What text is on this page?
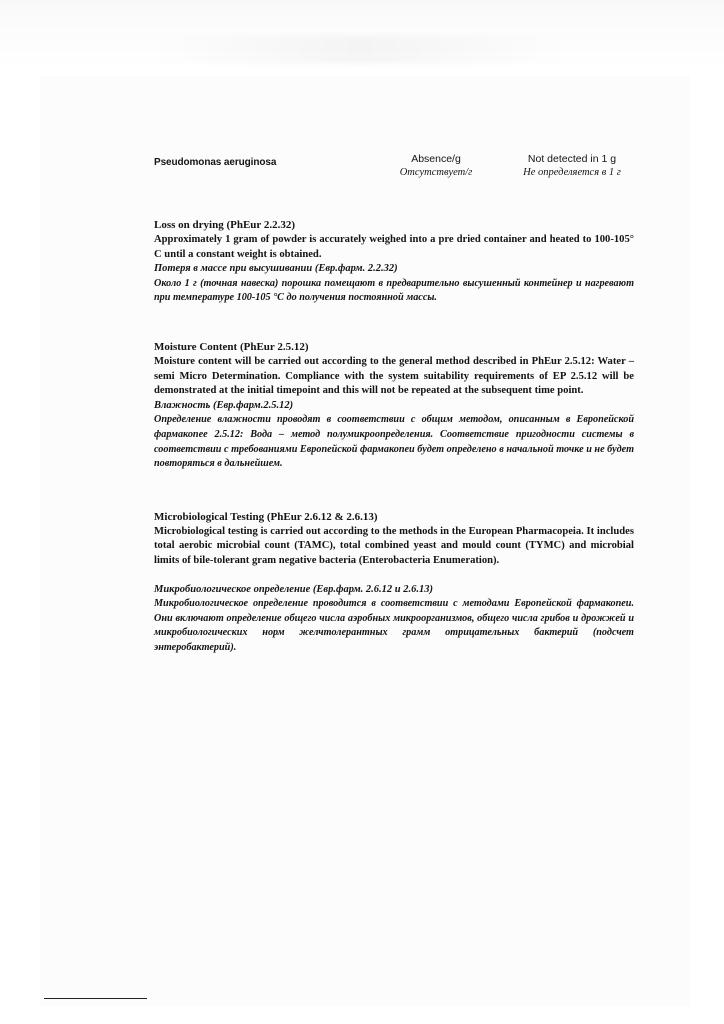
Pseudomonas aeruginosa	Absence/g
Отсутствует/г
Not detected in 1 g
Не определяется в 1 г
Loss on drying (PhEur 2.2.32)

Approximately 1 gram of powder is accurately weighed into a pre dried container and heated to 100-105° C until a constant weight is obtained.

Потеря в массе при высушивании (Евр.фарм. 2.2.32)

Около 1 г (точная навеска) порошка помещают в предварительно высушенный контейнер и нагревают при температуре 100-105 °С до получения постоянной массы.

Moisture Content (PhEur 2.5.12)

Moisture content will be carried out according to the general method described in PhEur 2.5.12: Water – semi Micro Determination. Compliance with the system suitability requirements of EP 2.5.12 will be demonstrated at the initial timepoint and this will not be repeated at the subsequent time point.

Влажность (Евр.фарм.2.5.12)

Определение влажности проводят в соответствии с общим методом, описанным в Европейской фармакопее 2.5.12: Вода – метод полумикроопределения. Соответствие пригодности системы в соответствии с требованиями Европейской фармакопеи будет определено в начальной точке и не будет повторяться в дальнейшем.

Microbiological Testing (PhEur 2.6.12 & 2.6.13)

Microbiological testing is carried out according to the methods in the European Pharmacopeia. It includes total aerobic microbial count (TAMC), total combined yeast and mould count (TYMC) and microbial limits of bile-tolerant gram negative bacteria (Enterobacteria Enumeration).

Микробиологическое определение (Евр.фарм. 2.6.12 и 2.6.13)

Микробиологическое определение проводится в соответствии с методами Европейской фармакопеи. Они включают определение общего числа аэробных микроорганизмов, общего числа грибов и дрожжей и микробиологических норм желчтолерантных грамм отрицательных бактерий (подсчет энтеробактерий).
